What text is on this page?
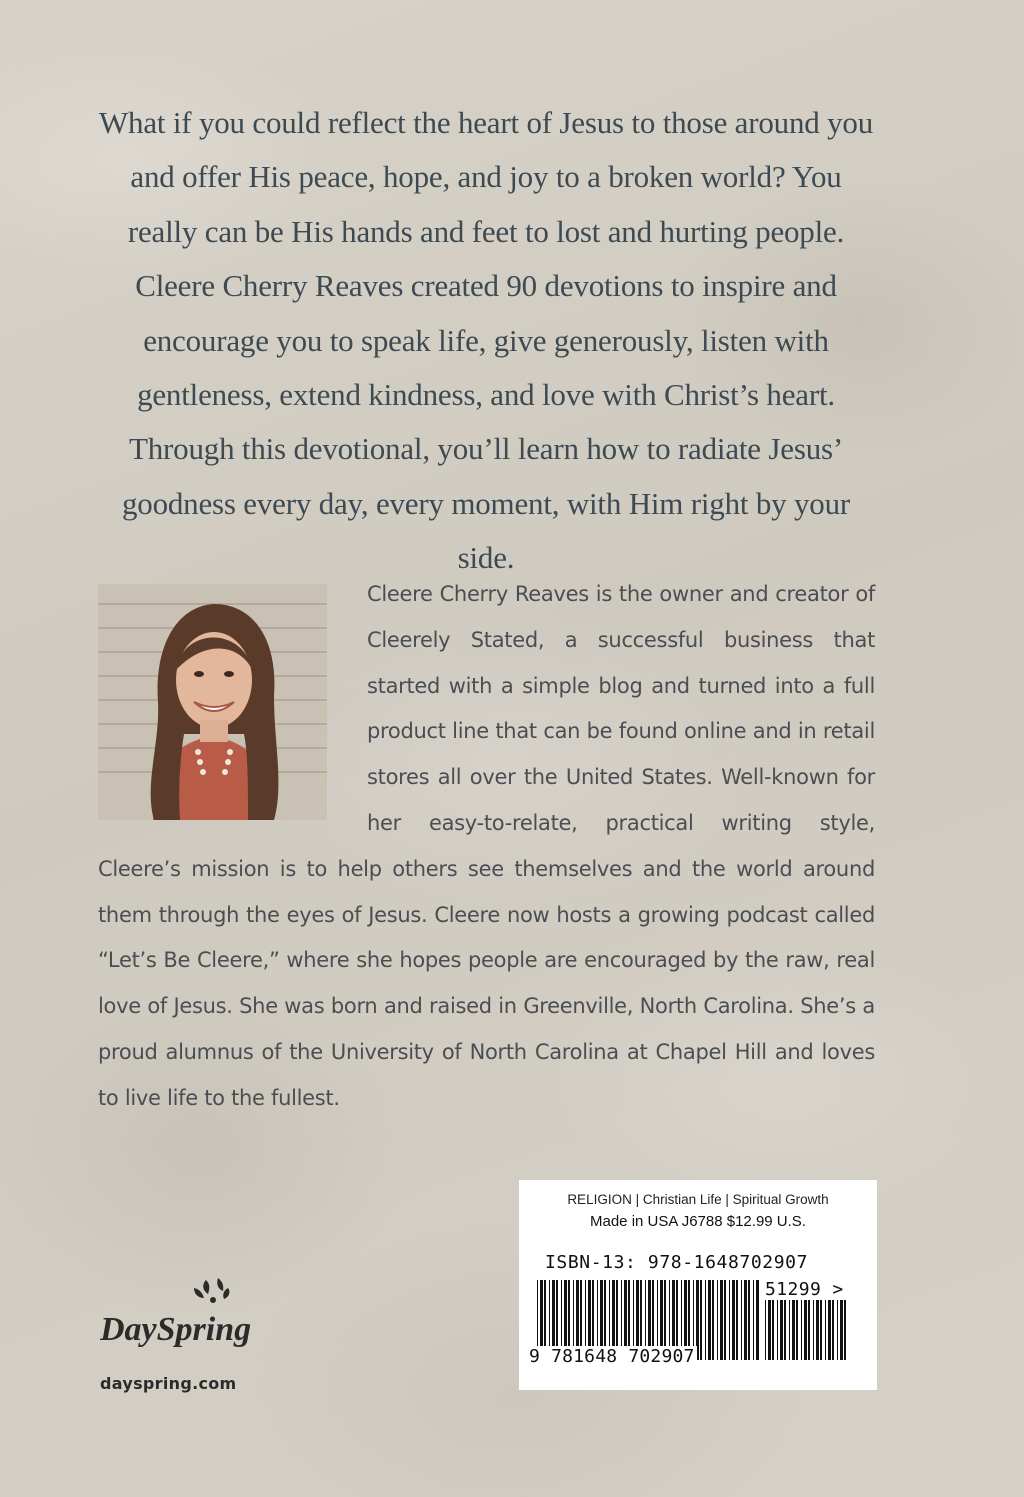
What if you could reflect the heart of Jesus to those around you and offer His peace, hope, and joy to a broken world? You really can be His hands and feet to lost and hurting people. Cleere Cherry Reaves created 90 devotions to inspire and encourage you to speak life, give generously, listen with gentleness, extend kindness, and love with Christ’s heart. Through this devotional, you’ll learn how to radiate Jesus’ goodness every day, every moment, with Him right by your side.

Cleere Cherry Reaves is the owner and creator of Cleerely Stated, a successful business that started with a simple blog and turned into a full product line that can be found online and in retail stores all over the United States. Well-known for her easy-to-relate, practical writing style, Cleere’s mission is to help others see themselves and the world around them through the eyes of Jesus. Cleere now hosts a growing podcast called “Let’s Be Cleere,” where she hopes people are encouraged by the raw, real love of Jesus. She was born and raised in Greenville, North Carolina. She’s a proud alumnus of the University of North Carolina at Chapel Hill and loves to live life to the fullest.

DaySpring
dayspring.com
RELIGION | Christian Life | Spiritual Growth
Made in USA J6788 $12.99 U.S.
ISBN-13: 978-1648702907
51299 >
9 781648 702907
